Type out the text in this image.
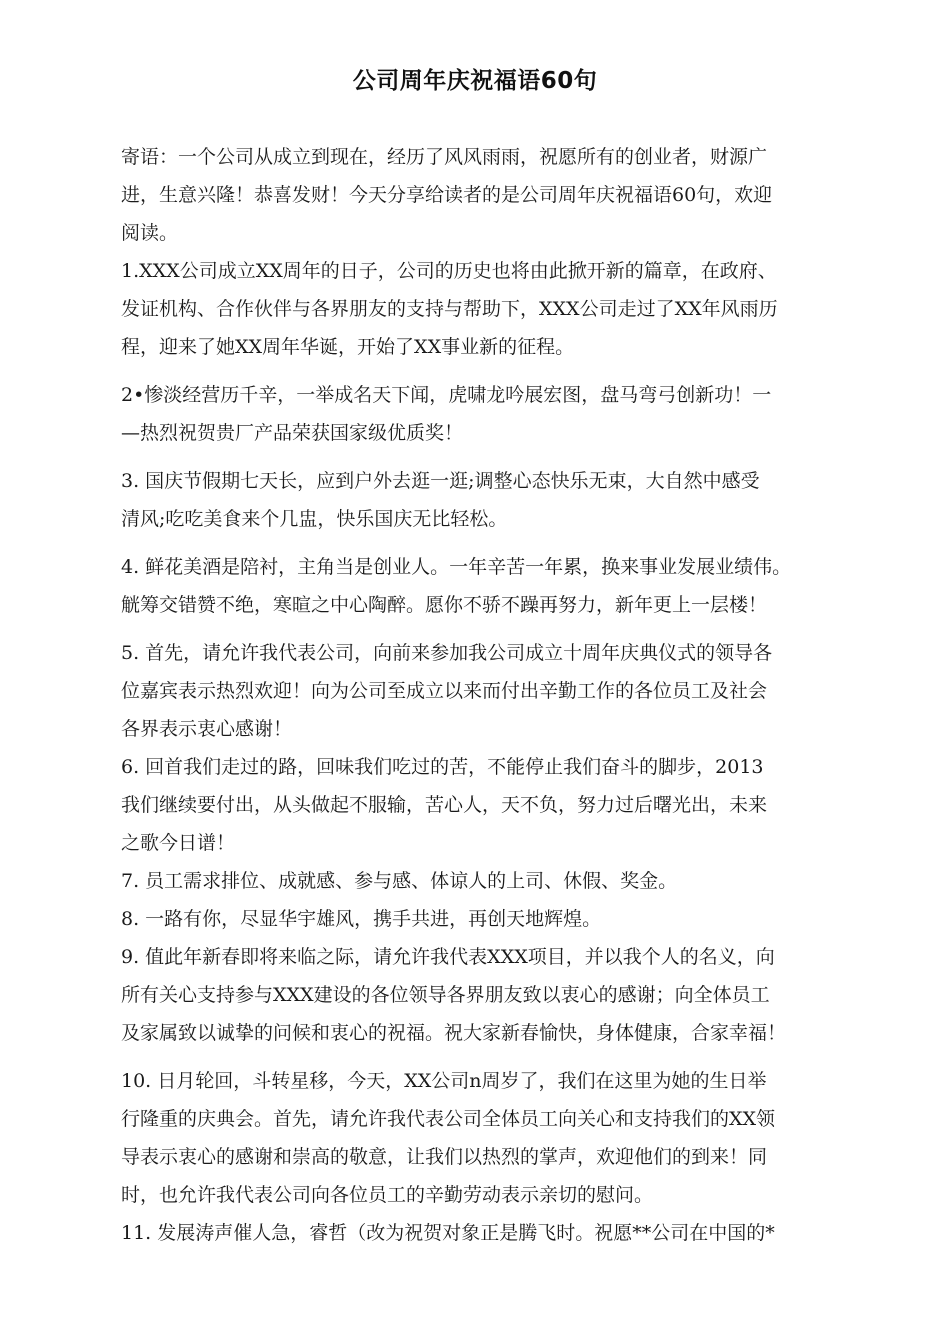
公司周年庆祝福语60句
寄语：一个公司从成立到现在，经历了风风雨雨，祝愿所有的创业者，财源广
进，生意兴隆！恭喜发财！今天分享给读者的是公司周年庆祝福语60句，欢迎
阅读。
1.XXX公司成立XX周年的日子，公司的历史也将由此掀开新的篇章，在政府、
发证机构、合作伙伴与各界朋友的支持与帮助下，XXX公司走过了XX年风雨历
程，迎来了她XX周年华诞，开始了XX事业新的征程。
2•惨淡经营历千辛，一举成名天下闻，虎啸龙吟展宏图，盘马弯弓创新功！一
—热烈祝贺贵厂产品荣获国家级优质奖！
3. 国庆节假期七天长，应到户外去逛一逛;调整心态快乐无束，大自然中感受
清风;吃吃美食来个几盅，快乐国庆无比轻松。
4. 鲜花美酒是陪衬，主角当是创业人。一年辛苦一年累，换来事业发展业绩伟。
觥筹交错赞不绝，寒暄之中心陶醉。愿你不骄不躁再努力，新年更上一层楼！
5. 首先，请允许我代表公司，向前来参加我公司成立十周年庆典仪式的领导各
位嘉宾表示热烈欢迎！向为公司至成立以来而付出辛勤工作的各位员工及社会
各界表示衷心感谢！
6. 回首我们走过的路，回味我们吃过的苦，不能停止我们奋斗的脚步，2013
我们继续要付出，从头做起不服输，苦心人，天不负，努力过后曙光出，未来
之歌今日谱！
7. 员工需求排位、成就感、参与感、体谅人的上司、休假、奖金。
8. 一路有你，尽显华宇雄风，携手共进，再创天地辉煌。
9. 值此年新春即将来临之际，请允许我代表XXX项目，并以我个人的名义，向
所有关心支持参与XXX建设的各位领导各界朋友致以衷心的感谢；向全体员工
及家属致以诚挚的问候和衷心的祝福。祝大家新春愉快，身体健康，合家幸福！
10. 日月轮回，斗转星移，今天，XX公司n周岁了，我们在这里为她的生日举
行隆重的庆典会。首先，请允许我代表公司全体员工向关心和支持我们的XX领
导表示衷心的感谢和崇高的敬意，让我们以热烈的掌声，欢迎他们的到来！同
时，也允许我代表公司向各位员工的辛勤劳动表示亲切的慰问。
11. 发展涛声催人急，睿哲（改为祝贺对象正是腾飞时。祝愿**公司在中国的*
